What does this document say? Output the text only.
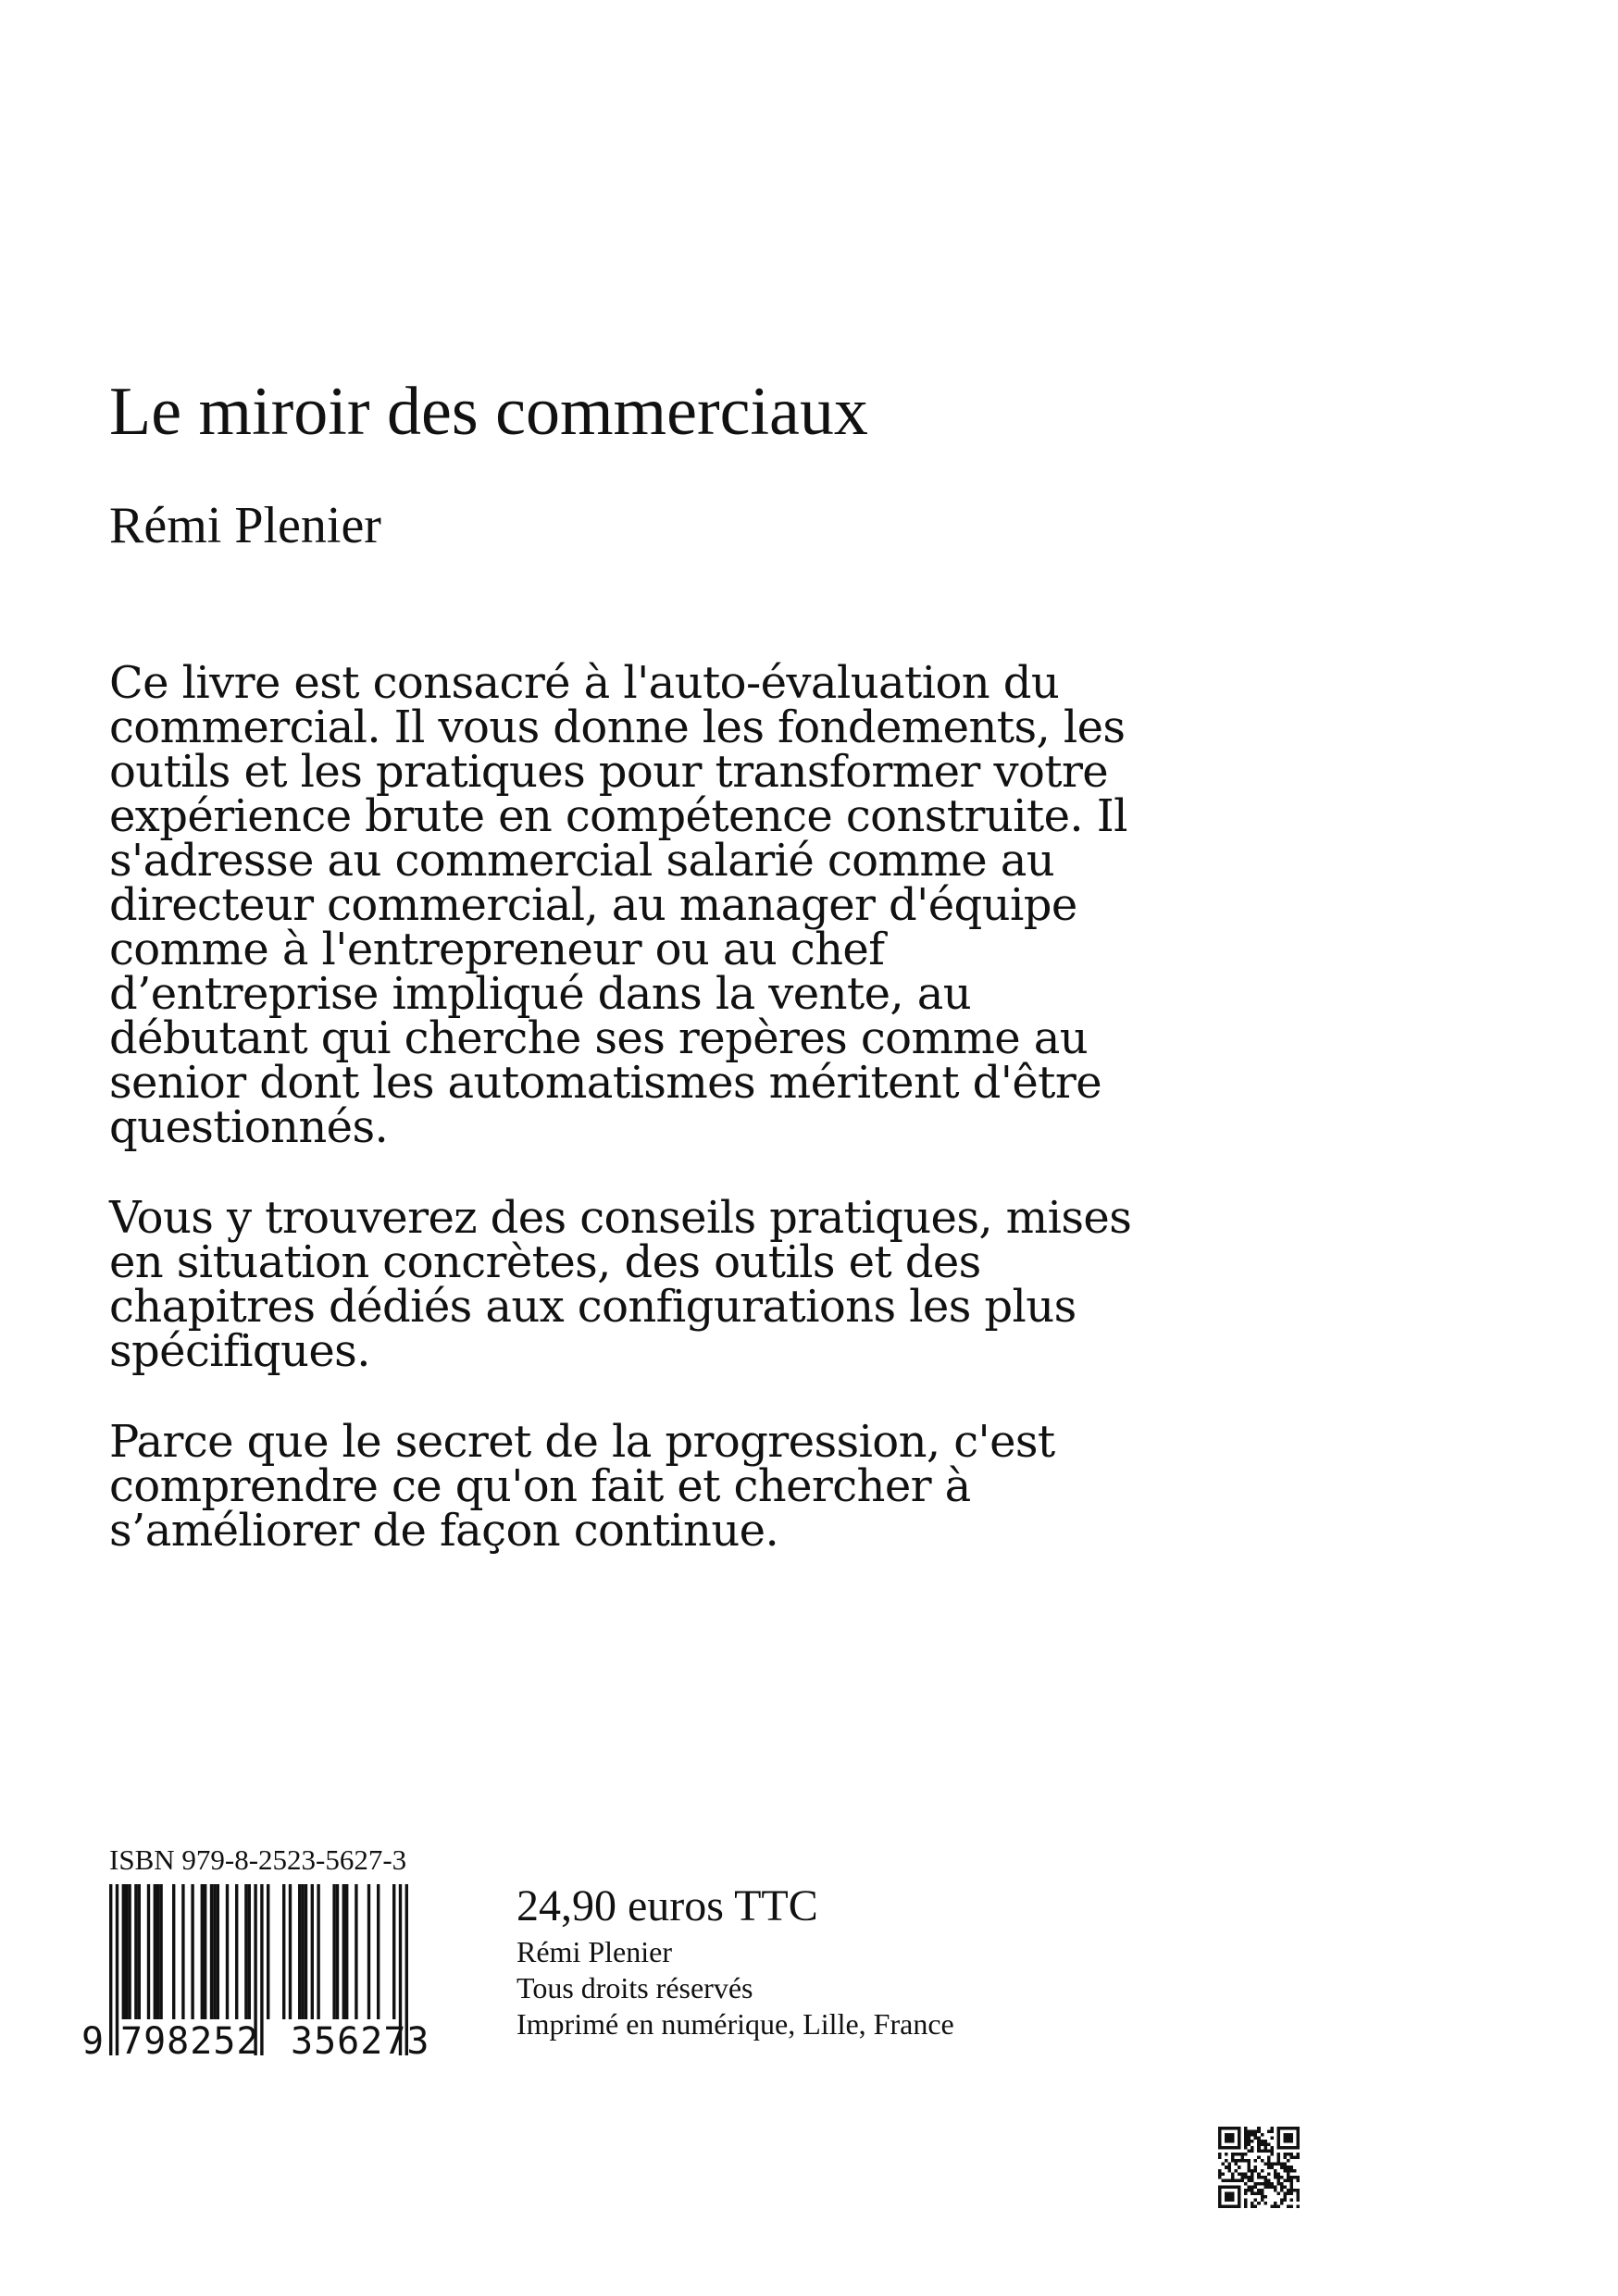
Le miroir des commerciaux
Rémi Plenier

Ce livre est consacré à l'auto-évaluation du
commercial. Il vous donne les fondements, les
outils et les pratiques pour transformer votre
expérience brute en compétence construite. Il
s'adresse au commercial salarié comme au
directeur commercial, au manager d'équipe
comme à l'entrepreneur ou au chef
d’entreprise impliqué dans la vente, au
débutant qui cherche ses repères comme au
senior dont les automatismes méritent d'être
questionnés.

Vous y trouverez des conseils pratiques, mises
en situation concrètes, des outils et des
chapitres dédiés aux configurations les plus
spécifiques.

Parce que le secret de la progression, c'est
comprendre ce qu'on fait et chercher à
s’améliorer de façon continue.

ISBN 979-8-2523-5627-3
9 798252 356273
24,90 euros TTC
Rémi Plenier
Tous droits réservés
Imprimé en numérique, Lille, France
